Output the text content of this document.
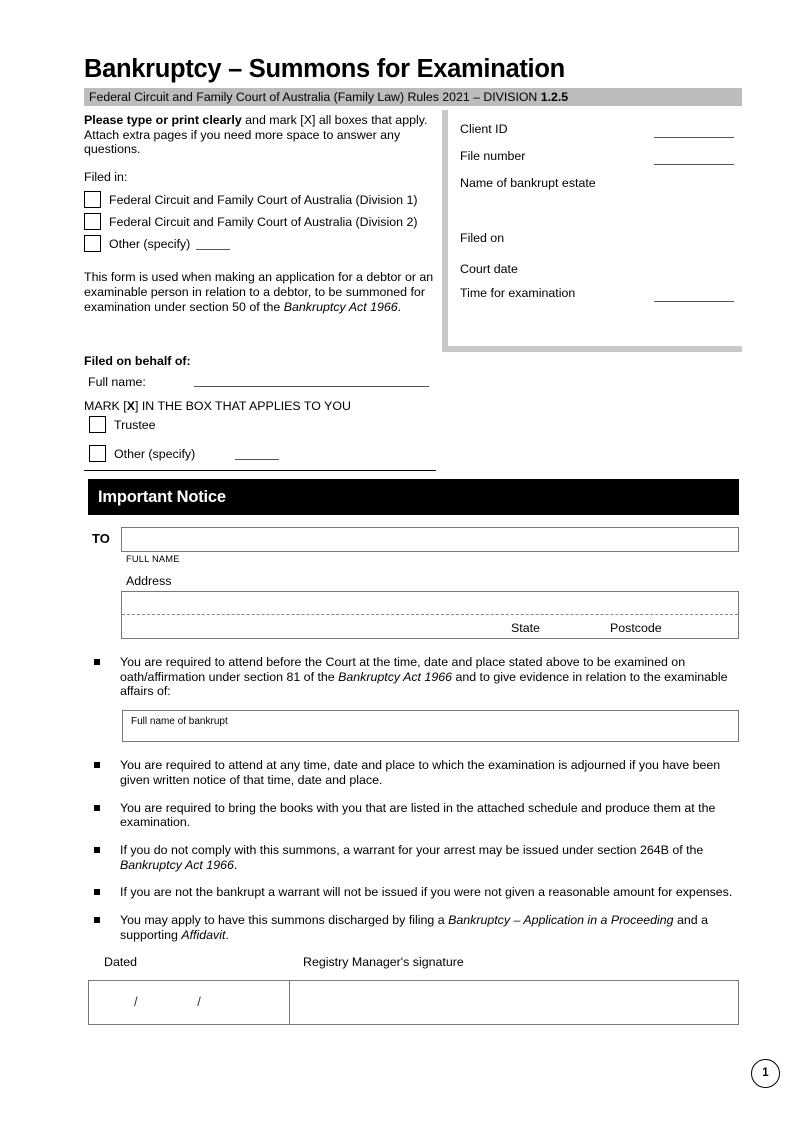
Bankruptcy – Summons for Examination
Federal Circuit and Family Court of Australia (Family Law) Rules 2021 – DIVISION 1.2.5

Please type or print clearly and mark [X] all boxes that apply. Attach extra pages if you need more space to answer any questions.

Filed in:

Federal Circuit and Family Court of Australia (Division 1)
Federal Circuit and Family Court of Australia (Division 2)
Other (specify)

This form is used when making an application for a debtor or an examinable person in relation to a debtor, to be summoned for examination under section 50 of the Bankruptcy Act 1966.

Client ID
File number
Name of bankrupt estate
Filed on
Court date
Time for examination
Filed on behalf of:
Full name:
MARK [X] IN THE BOX THAT APPLIES TO YOU
Trustee
Other (specify)
Important Notice
TO
FULL NAME
Address
State	Postcode
You are required to attend before the Court at the time, date and place stated above to be examined on oath/affirmation under section 81 of the Bankruptcy Act 1966 and to give evidence in relation to the examinable affairs of:
You are required to attend at any time, date and place to which the examination is adjourned if you have been given written notice of that time, date and place.
You are required to bring the books with you that are listed in the attached schedule and produce them at the examination.
If you do not comply with this summons, a warrant for your arrest may be issued under section 264B of the Bankruptcy Act 1966.
If you are not the bankrupt a warrant will not be issued if you were not given a reasonable amount for expenses.
You may apply to have this summons discharged by filing a Bankruptcy – Application in a Proceeding and a supporting Affidavit.
Full name of bankrupt
Dated	Registry Manager's signature
/ /
1
